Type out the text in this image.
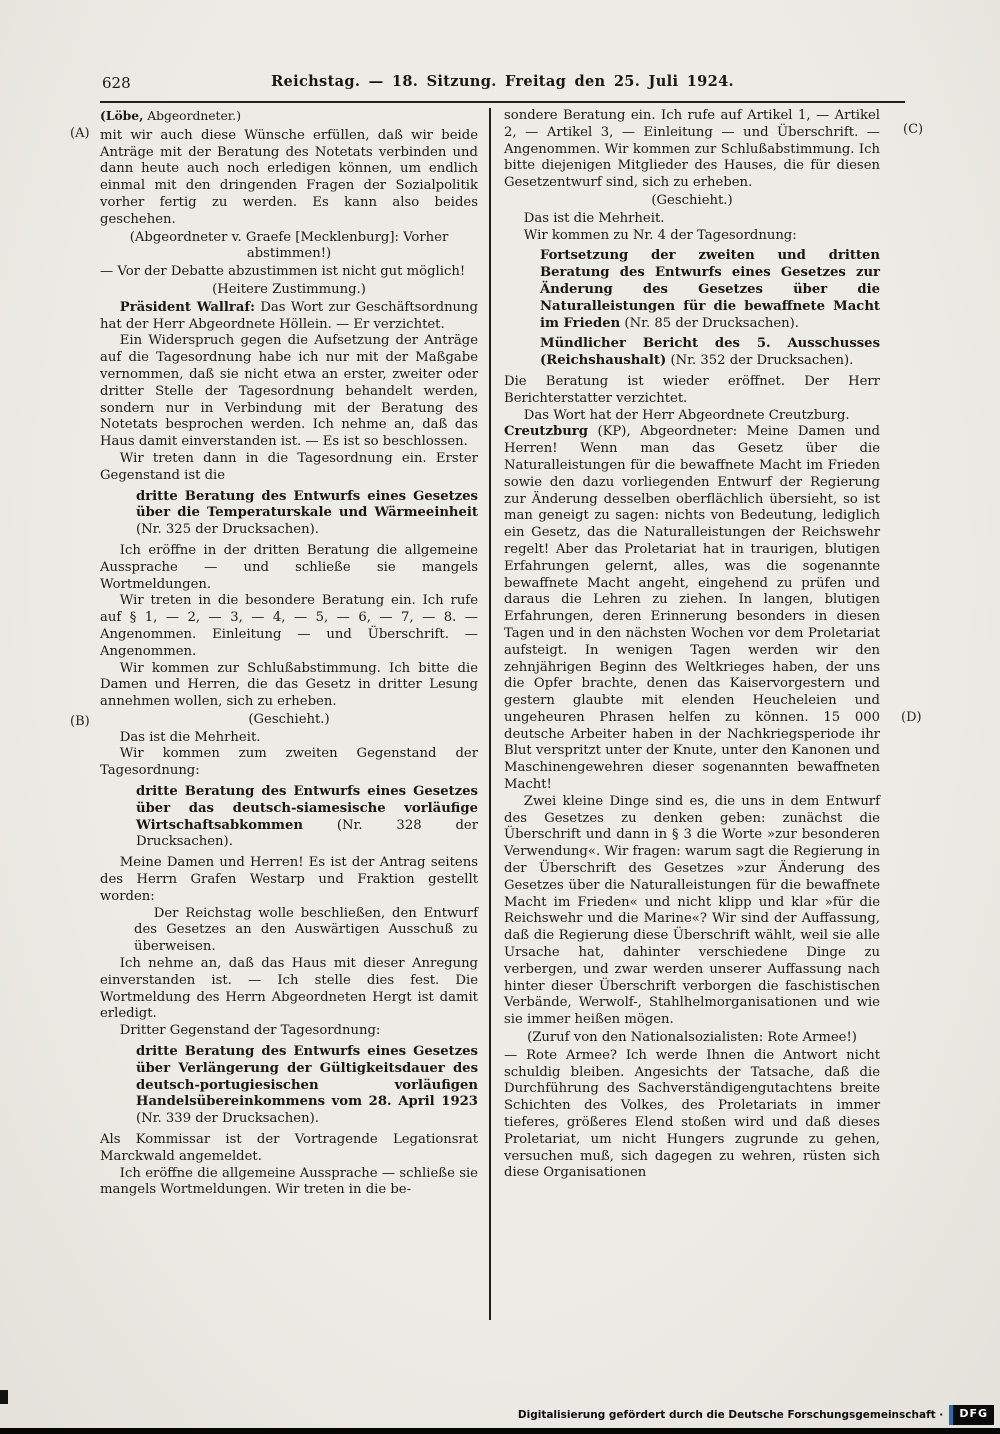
628	Reichstag. — 18. Sitzung. Freitag den 25. Juli 1924.
(A)
(B)
(C)
(D)

(Löbe, Abgeordneter.)

mit wir auch diese Wünsche erfüllen, daß wir beide Anträge mit der Beratung des Notetats verbinden und dann heute auch noch erledigen können, um endlich einmal mit den dringenden Fragen der Sozialpolitik vorher fertig zu werden. Es kann also beides geschehen.

(Abgeordneter v. Graefe [Mecklenburg]: Vorher abstimmen!)

— Vor der Debatte abzustimmen ist nicht gut möglich!

(Heitere Zustimmung.)

Präsident Wallraf: Das Wort zur Geschäftsordnung hat der Herr Abgeordnete Höllein. — Er verzichtet.

Ein Widerspruch gegen die Aufsetzung der Anträge auf die Tagesordnung habe ich nur mit der Maßgabe vernommen, daß sie nicht etwa an erster, zweiter oder dritter Stelle der Tagesordnung behandelt werden, sondern nur in Verbindung mit der Beratung des Notetats besprochen werden. Ich nehme an, daß das Haus damit einverstanden ist. — Es ist so beschlossen.

Wir treten dann in die Tagesordnung ein. Erster Gegenstand ist die

dritte Beratung des Entwurfs eines Gesetzes über die Temperaturskale und Wärmeeinheit (Nr. 325 der Drucksachen).

Ich eröffne in der dritten Beratung die allgemeine Aussprache — und schließe sie mangels Wortmeldungen.

Wir treten in die besondere Beratung ein. Ich rufe auf § 1, — 2, — 3, — 4, — 5, — 6, — 7, — 8. — Angenommen. Einleitung — und Überschrift. — Angenommen.

Wir kommen zur Schlußabstimmung. Ich bitte die Damen und Herren, die das Gesetz in dritter Lesung annehmen wollen, sich zu erheben.

(Geschieht.)

Das ist die Mehrheit.

Wir kommen zum zweiten Gegenstand der Tagesordnung:

dritte Beratung des Entwurfs eines Gesetzes über das deutsch-siamesische vorläufige Wirtschaftsabkommen (Nr. 328 der Drucksachen).

Meine Damen und Herren! Es ist der Antrag seitens des Herrn Grafen Westarp und Fraktion gestellt worden:

Der Reichstag wolle beschließen, den Entwurf des Gesetzes an den Auswärtigen Ausschuß zu überweisen.

Ich nehme an, daß das Haus mit dieser Anregung einverstanden ist. — Ich stelle dies fest. Die Wortmeldung des Herrn Abgeordneten Hergt ist damit erledigt.

Dritter Gegenstand der Tagesordnung:

dritte Beratung des Entwurfs eines Gesetzes über Verlängerung der Gültigkeitsdauer des deutsch-portugiesischen vorläufigen Handelsübereinkommens vom 28. April 1923 (Nr. 339 der Drucksachen).

Als Kommissar ist der Vortragende Legationsrat Marckwald angemeldet.

Ich eröffne die allgemeine Aussprache — schließe sie mangels Wortmeldungen. Wir treten in die be-

sondere Beratung ein. Ich rufe auf Artikel 1, — Artikel 2, — Artikel 3, — Einleitung — und Überschrift. — Angenommen. Wir kommen zur Schlußabstimmung. Ich bitte diejenigen Mitglieder des Hauses, die für diesen Gesetzentwurf sind, sich zu erheben.

(Geschieht.)

Das ist die Mehrheit.

Wir kommen zu Nr. 4 der Tagesordnung:

Fortsetzung der zweiten und dritten Beratung des Entwurfs eines Gesetzes zur Änderung des Gesetzes über die Naturalleistungen für die bewaffnete Macht im Frieden (Nr. 85 der Drucksachen).

Mündlicher Bericht des 5. Ausschusses (Reichshaushalt) (Nr. 352 der Drucksachen).

Die Beratung ist wieder eröffnet. Der Herr Berichterstatter verzichtet.

Das Wort hat der Herr Abgeordnete Creutzburg.

Creutzburg (KP), Abgeordneter: Meine Damen und Herren! Wenn man das Gesetz über die Naturalleistungen für die bewaffnete Macht im Frieden sowie den dazu vorliegenden Entwurf der Regierung zur Änderung desselben oberflächlich übersieht, so ist man geneigt zu sagen: nichts von Bedeutung, lediglich ein Gesetz, das die Naturalleistungen der Reichswehr regelt! Aber das Proletariat hat in traurigen, blutigen Erfahrungen gelernt, alles, was die sogenannte bewaffnete Macht angeht, eingehend zu prüfen und daraus die Lehren zu ziehen. In langen, blutigen Erfahrungen, deren Erinnerung besonders in diesen Tagen und in den nächsten Wochen vor dem Proletariat aufsteigt. In wenigen Tagen werden wir den zehnjährigen Beginn des Weltkrieges haben, der uns die Opfer brachte, denen das Kaiservorgestern und gestern glaubte mit elenden Heucheleien und ungeheuren Phrasen helfen zu können. 15 000 deutsche Arbeiter haben in der Nachkriegsperiode ihr Blut verspritzt unter der Knute, unter den Kanonen und Maschinengewehren dieser sogenannten bewaffneten Macht!

Zwei kleine Dinge sind es, die uns in dem Entwurf des Gesetzes zu denken geben: zunächst die Überschrift und dann in § 3 die Worte »zur besonderen Verwendung«. Wir fragen: warum sagt die Regierung in der Überschrift des Gesetzes »zur Änderung des Gesetzes über die Naturalleistungen für die bewaffnete Macht im Frieden« und nicht klipp und klar »für die Reichswehr und die Marine«? Wir sind der Auffassung, daß die Regierung diese Überschrift wählt, weil sie alle Ursache hat, dahinter verschiedene Dinge zu verbergen, und zwar werden unserer Auffassung nach hinter dieser Überschrift verborgen die faschistischen Verbände, Werwolf-, Stahlhelmorganisationen und wie sie immer heißen mögen.

(Zuruf von den Nationalsozialisten: Rote Armee!)

— Rote Armee? Ich werde Ihnen die Antwort nicht schuldig bleiben. Angesichts der Tatsache, daß die Durchführung des Sachverständigengutachtens breite Schichten des Volkes, des Proletariats in immer tieferes, größeres Elend stoßen wird und daß dieses Proletariat, um nicht Hungers zugrunde zu gehen, versuchen muß, sich dagegen zu wehren, rüsten sich diese Organisationen

Digitalisierung gefördert durch die Deutsche Forschungsgemeinschaft ·	DFG
